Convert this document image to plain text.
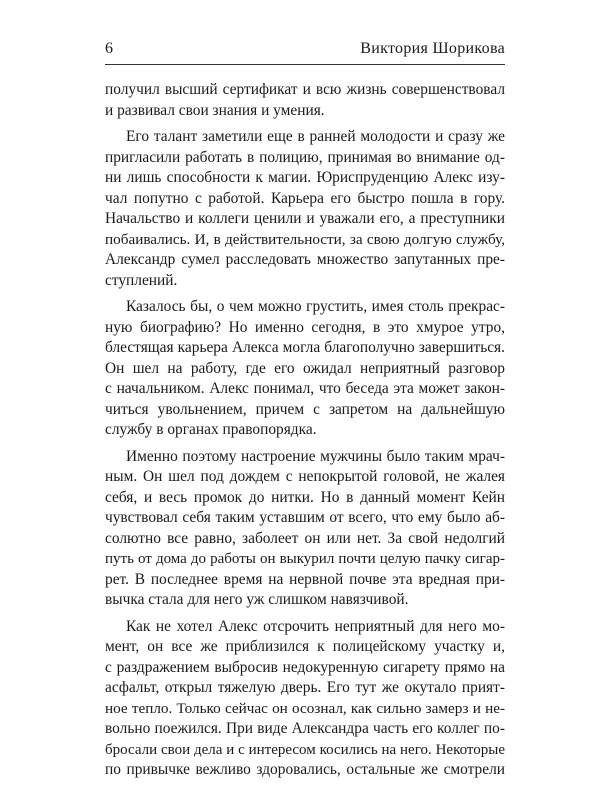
6	Виктория Шорикова
получил высший сертификат и всю жизнь совершенствовал
и развивал свои знания и умения.
Его талант заметили еще в ранней молодости и сразу же
пригласили работать в полицию, принимая во внимание од-
ни лишь способности к магии. Юриспруденцию Алекс изу-
чал попутно с работой. Карьера его быстро пошла в гору.
Начальство и коллеги ценили и уважали его, а преступники
побаивались. И, в действительности, за свою долгую службу,
Александр сумел расследовать множество запутанных пре-
ступлений.
Казалось бы, о чем можно грустить, имея столь прекрас-
ную биографию? Но именно сегодня, в это хмурое утро,
блестящая карьера Алекса могла благополучно завершиться.
Он шел на работу, где его ожидал неприятный разговор
с начальником. Алекс понимал, что беседа эта может закон-
читься увольнением, причем с запретом на дальнейшую
службу в органах правопорядка.
Именно поэтому настроение мужчины было таким мрач-
ным. Он шел под дождем с непокрытой головой, не жалея
себя, и весь промок до нитки. Но в данный момент Кейн
чувствовал себя таким уставшим от всего, что ему было аб-
солютно все равно, заболеет он или нет. За свой недолгий
путь от дома до работы он выкурил почти целую пачку сигар-
рет. В последнее время на нервной почве эта вредная при-
вычка стала для него уж слишком навязчивой.
Как не хотел Алекс отсрочить неприятный для него мо-
мент, он все же приблизился к полицейскому участку и,
с раздражением выбросив недокуренную сигарету прямо на
асфальт, открыл тяжелую дверь. Его тут же окутало прият-
ное тепло. Только сейчас он осознал, как сильно замерз и не-
вольно поежился. При виде Александра часть его коллег по-
бросали свои дела и с интересом косились на него. Некоторые
по привычке вежливо здоровались, остальные же смотрели
